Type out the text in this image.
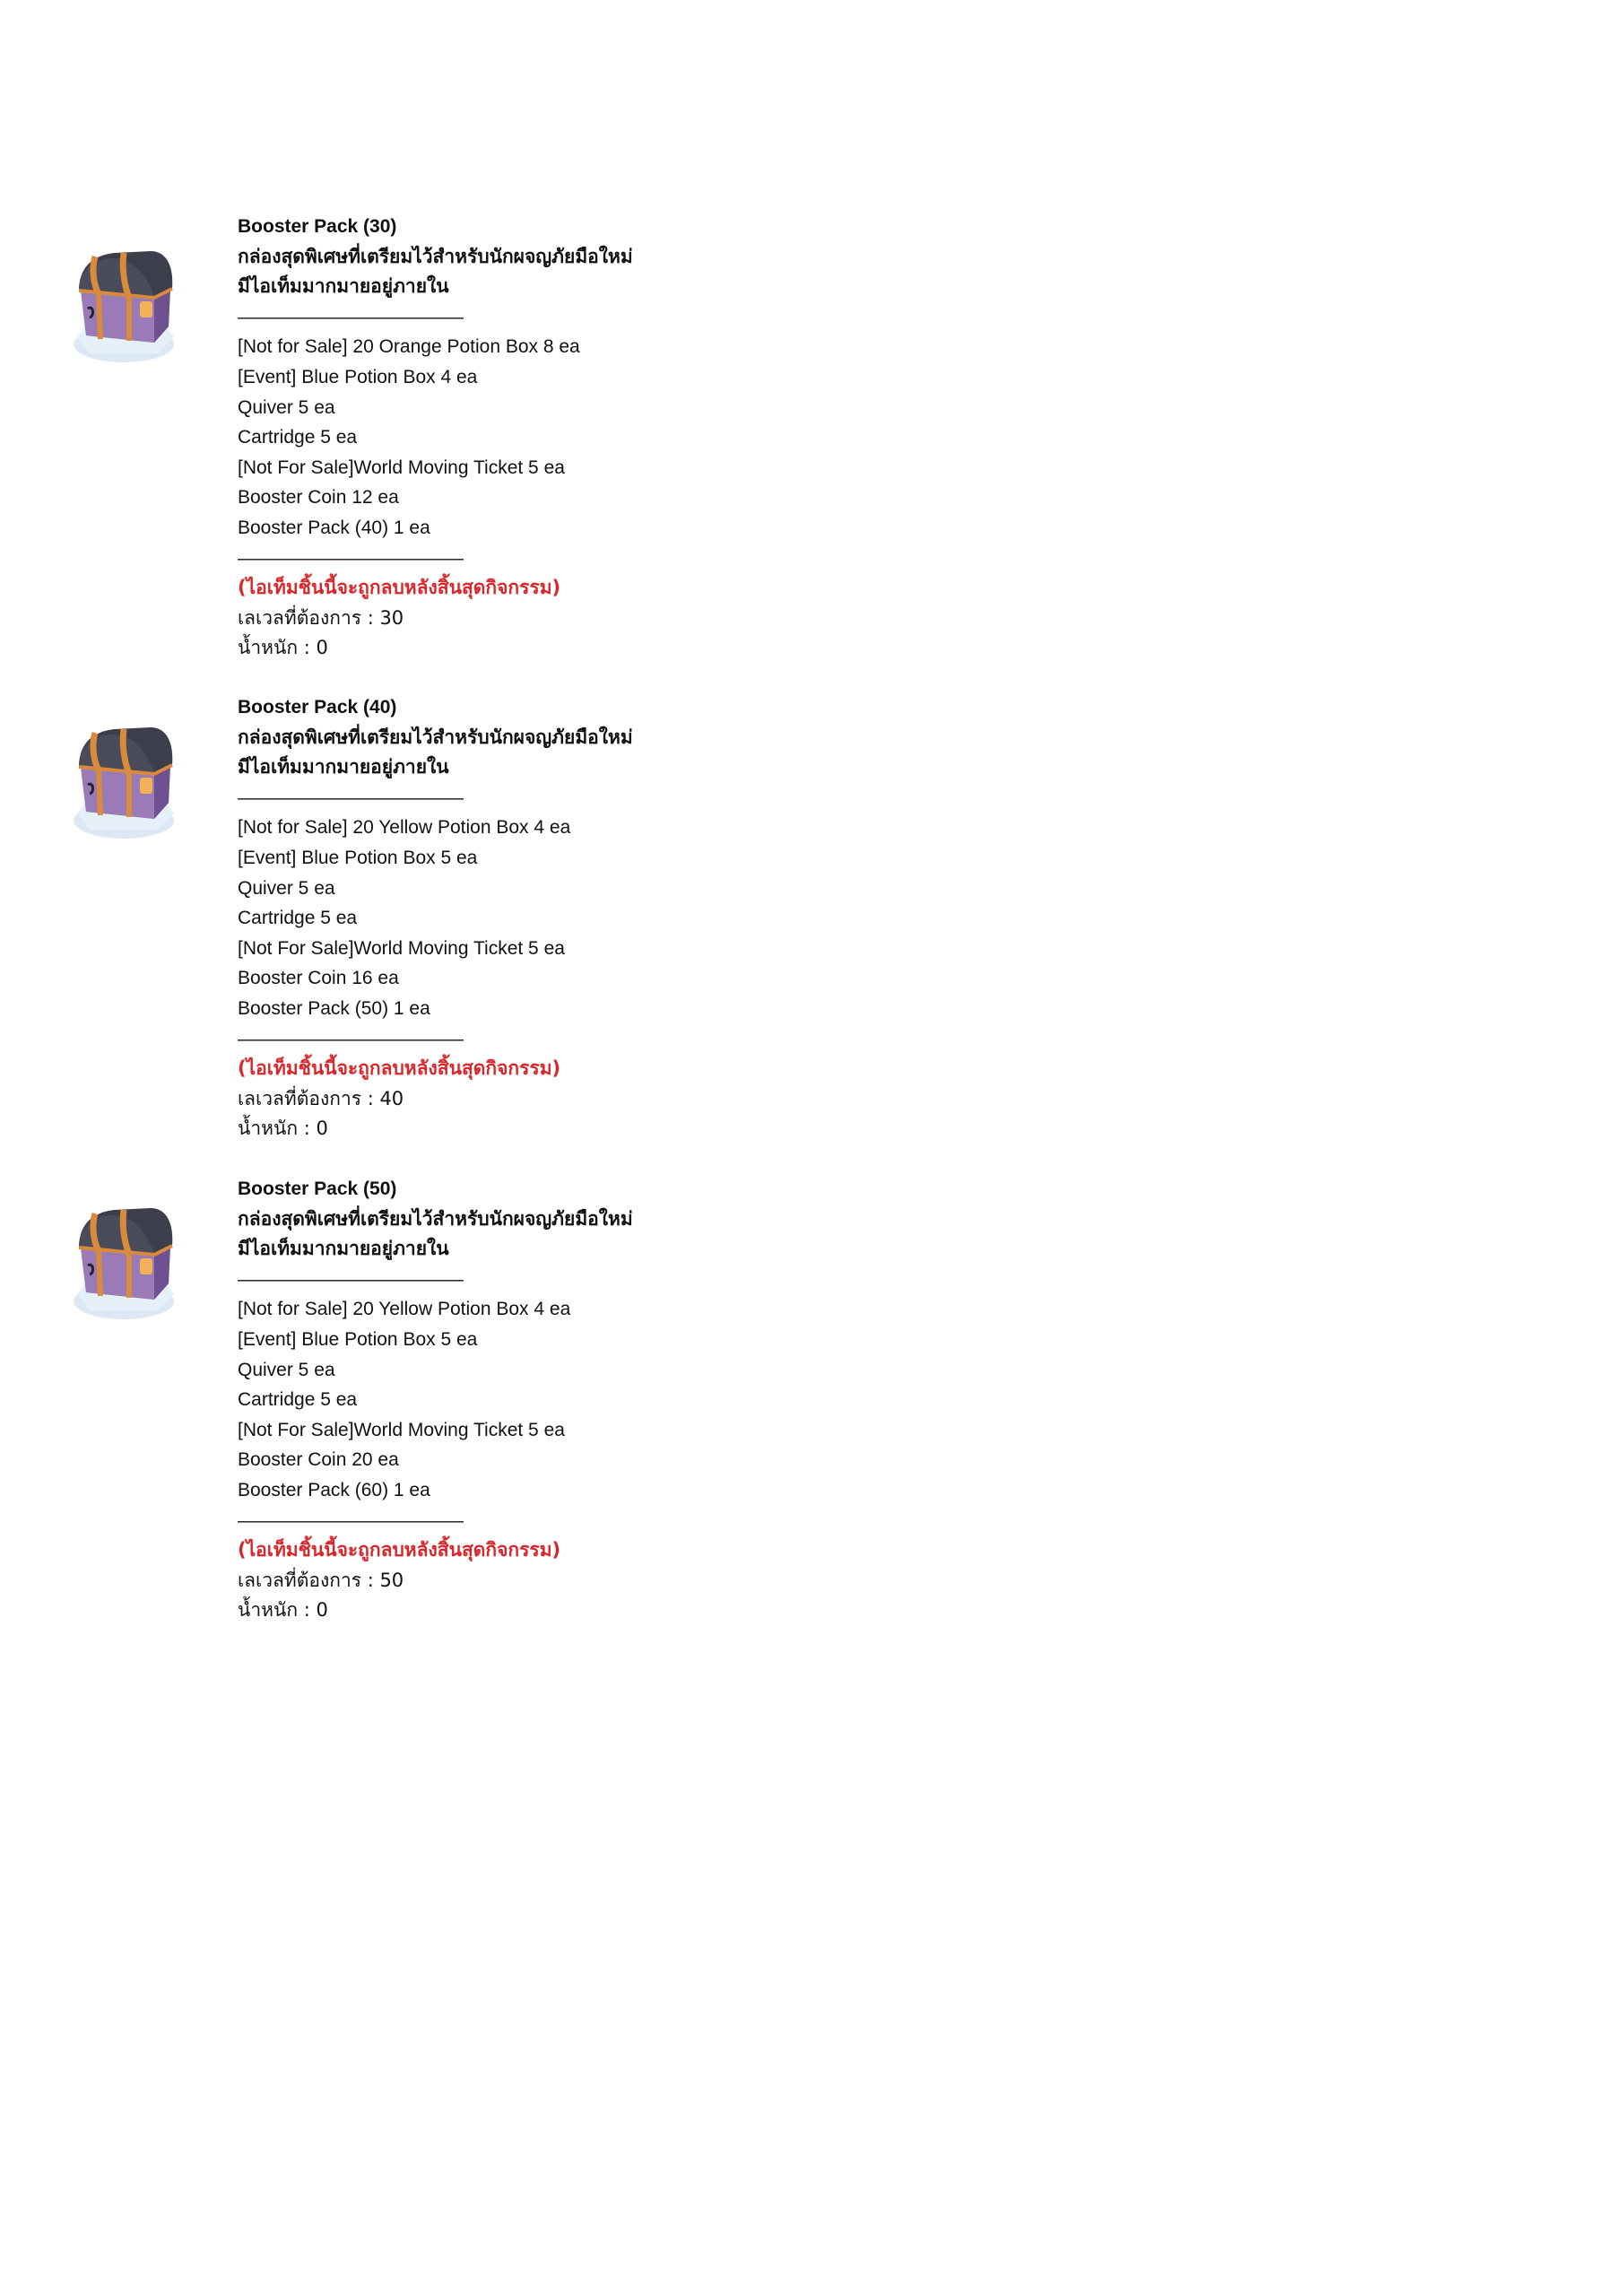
Booster Pack (30)
กล่องสุดพิเศษที่เตรียมไว้สำหรับนักผจญภัยมือใหม่
มีไอเท็มมากมายอยู่ภายใน
————————————
[Not for Sale] 20 Orange Potion Box 8 ea
[Event] Blue Potion Box 4 ea
Quiver 5 ea
Cartridge 5 ea
[Not For Sale]World Moving Ticket 5 ea
Booster Coin 12 ea
Booster Pack (40) 1 ea
————————————
(ไอเท็มชิ้นนี้จะถูกลบหลังสิ้นสุดกิจกรรม)
เลเวลที่ต้องการ : 30
น้ำหนัก : 0
Booster Pack (40)
กล่องสุดพิเศษที่เตรียมไว้สำหรับนักผจญภัยมือใหม่
มีไอเท็มมากมายอยู่ภายใน
————————————
[Not for Sale] 20 Yellow Potion Box 4 ea
[Event] Blue Potion Box 5 ea
Quiver 5 ea
Cartridge 5 ea
[Not For Sale]World Moving Ticket 5 ea
Booster Coin 16 ea
Booster Pack (50) 1 ea
————————————
(ไอเท็มชิ้นนี้จะถูกลบหลังสิ้นสุดกิจกรรม)
เลเวลที่ต้องการ : 40
น้ำหนัก : 0
Booster Pack (50)
กล่องสุดพิเศษที่เตรียมไว้สำหรับนักผจญภัยมือใหม่
มีไอเท็มมากมายอยู่ภายใน
————————————
[Not for Sale] 20 Yellow Potion Box 4 ea
[Event] Blue Potion Box 5 ea
Quiver 5 ea
Cartridge 5 ea
[Not For Sale]World Moving Ticket 5 ea
Booster Coin 20 ea
Booster Pack (60) 1 ea
————————————
(ไอเท็มชิ้นนี้จะถูกลบหลังสิ้นสุดกิจกรรม)
เลเวลที่ต้องการ : 50
น้ำหนัก : 0
